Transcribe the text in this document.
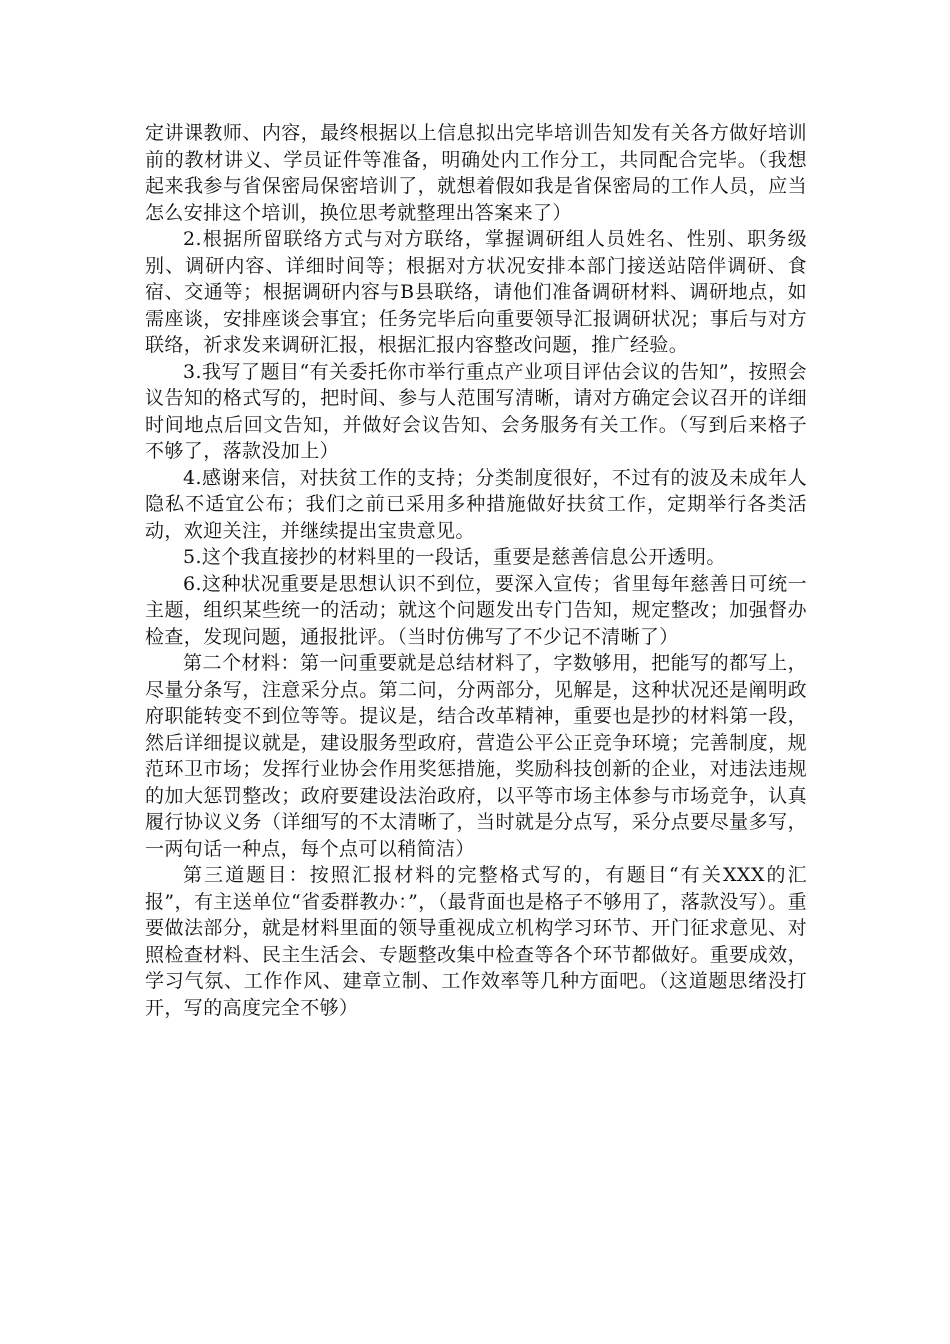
定讲课教师、内容，最终根据以上信息拟出完毕培训告知发有关各方做好培训前的教材讲义、学员证件等准备，明确处内工作分工，共同配合完毕。（我想起来我参与省保密局保密培训了，就想着假如我是省保密局的工作人员，应当怎么安排这个培训，换位思考就整理出答案来了）

2.根据所留联络方式与对方联络，掌握调研组人员姓名、性别、职务级别、调研内容、详细时间等；根据对方状况安排本部门接送站陪伴调研、食宿、交通等；根据调研内容与B县联络，请他们准备调研材料、调研地点，如需座谈，安排座谈会事宜；任务完毕后向重要领导汇报调研状况；事后与对方联络，祈求发来调研汇报，根据汇报内容整改问题，推广经验。

3.我写了题目“有关委托你市举行重点产业项目评估会议的告知”，按照会议告知的格式写的，把时间、参与人范围写清晰，请对方确定会议召开的详细时间地点后回文告知，并做好会议告知、会务服务有关工作。（写到后来格子不够了，落款没加上）

4.感谢来信，对扶贫工作的支持；分类制度很好，不过有的波及未成年人隐私不适宜公布；我们之前已采用多种措施做好扶贫工作，定期举行各类活动，欢迎关注，并继续提出宝贵意见。

5.这个我直接抄的材料里的一段话，重要是慈善信息公开透明。

6.这种状况重要是思想认识不到位，要深入宣传；省里每年慈善日可统一主题，组织某些统一的活动；就这个问题发出专门告知，规定整改；加强督办检查，发现问题，通报批评。（当时仿佛写了不少记不清晰了）

第二个材料：第一问重要就是总结材料了，字数够用，把能写的都写上，尽量分条写，注意采分点。第二问，分两部分，见解是，这种状况还是阐明政府职能转变不到位等等。提议是，结合改革精神，重要也是抄的材料第一段，然后详细提议就是，建设服务型政府，营造公平公正竞争环境；完善制度，规范环卫市场；发挥行业协会作用奖惩措施，奖励科技创新的企业，对违法违规的加大惩罚整改；政府要建设法治政府，以平等市场主体参与市场竞争，认真履行协议义务（详细写的不太清晰了，当时就是分点写，采分点要尽量多写，一两句话一种点，每个点可以稍简洁）

第三道题目：按照汇报材料的完整格式写的，有题目“有关XXX的汇报”，有主送单位“省委群教办：”，（最背面也是格子不够用了，落款没写）。重要做法部分，就是材料里面的领导重视成立机构学习环节、开门征求意见、对照检查材料、民主生活会、专题整改集中检查等各个环节都做好。重要成效，学习气氛、工作作风、建章立制、工作效率等几种方面吧。（这道题思绪没打开，写的高度完全不够）
